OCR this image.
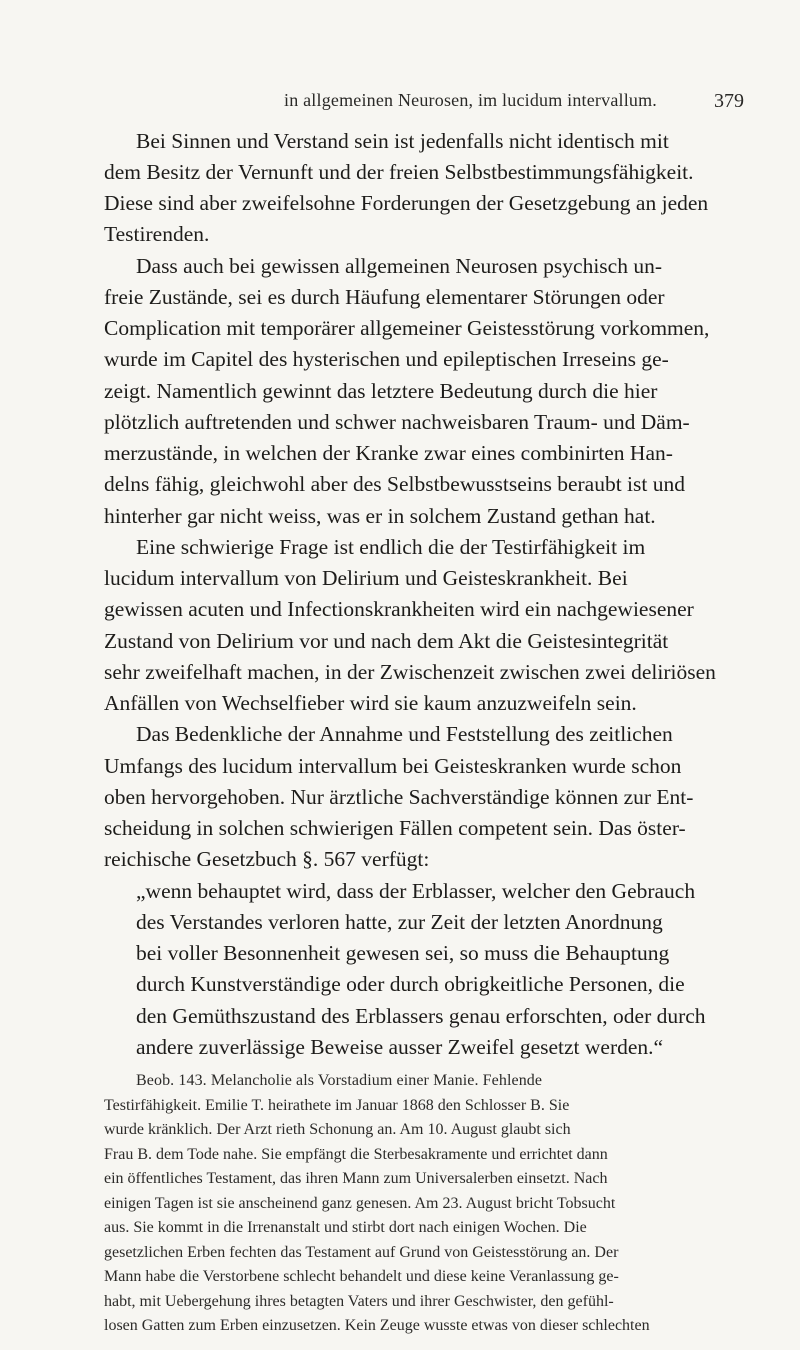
in allgemeinen Neurosen, im lucidum intervallum.	379
Bei Sinnen und Verstand sein ist jedenfalls nicht identisch mit
dem Besitz der Vernunft und der freien Selbstbestimmungsfähigkeit.
Diese sind aber zweifelsohne Forderungen der Gesetzgebung an jeden
Testirenden.
Dass auch bei gewissen allgemeinen Neurosen psychisch un-
freie Zustände, sei es durch Häufung elementarer Störungen oder
Complication mit temporärer allgemeiner Geistesstörung vorkommen,
wurde im Capitel des hysterischen und epileptischen Irreseins ge-
zeigt. Namentlich gewinnt das letztere Bedeutung durch die hier
plötzlich auftretenden und schwer nachweisbaren Traum- und Däm-
merzustände, in welchen der Kranke zwar eines combinirten Han-
delns fähig, gleichwohl aber des Selbstbewusstseins beraubt ist und
hinterher gar nicht weiss, was er in solchem Zustand gethan hat.
Eine schwierige Frage ist endlich die der Testirfähigkeit im
lucidum intervallum von Delirium und Geisteskrankheit. Bei
gewissen acuten und Infectionskrankheiten wird ein nachgewiesener
Zustand von Delirium vor und nach dem Akt die Geistesintegrität
sehr zweifelhaft machen, in der Zwischenzeit zwischen zwei deliriösen
Anfällen von Wechselfieber wird sie kaum anzuzweifeln sein.
Das Bedenkliche der Annahme und Feststellung des zeitlichen
Umfangs des lucidum intervallum bei Geisteskranken wurde schon
oben hervorgehoben. Nur ärztliche Sachverständige können zur Ent-
scheidung in solchen schwierigen Fällen competent sein. Das öster-
reichische Gesetzbuch §. 567 verfügt:
„wenn behauptet wird, dass der Erblasser, welcher den Gebrauch
des Verstandes verloren hatte, zur Zeit der letzten Anordnung
bei voller Besonnenheit gewesen sei, so muss die Behauptung
durch Kunstverständige oder durch obrigkeitliche Personen, die
den Gemüthszustand des Erblassers genau erforschten, oder durch
andere zuverlässige Beweise ausser Zweifel gesetzt werden.“
Beob. 143. Melancholie als Vorstadium einer Manie. Fehlende
Testirfähigkeit. Emilie T. heirathete im Januar 1868 den Schlosser B. Sie
wurde kränklich. Der Arzt rieth Schonung an. Am 10. August glaubt sich
Frau B. dem Tode nahe. Sie empfängt die Sterbesakramente und errichtet dann
ein öffentliches Testament, das ihren Mann zum Universalerben einsetzt. Nach
einigen Tagen ist sie anscheinend ganz genesen. Am 23. August bricht Tobsucht
aus. Sie kommt in die Irrenanstalt und stirbt dort nach einigen Wochen. Die
gesetzlichen Erben fechten das Testament auf Grund von Geistesstörung an. Der
Mann habe die Verstorbene schlecht behandelt und diese keine Veranlassung ge-
habt, mit Uebergehung ihres betagten Vaters und ihrer Geschwister, den gefühl-
losen Gatten zum Erben einzusetzen. Kein Zeuge wusste etwas von dieser schlechten
